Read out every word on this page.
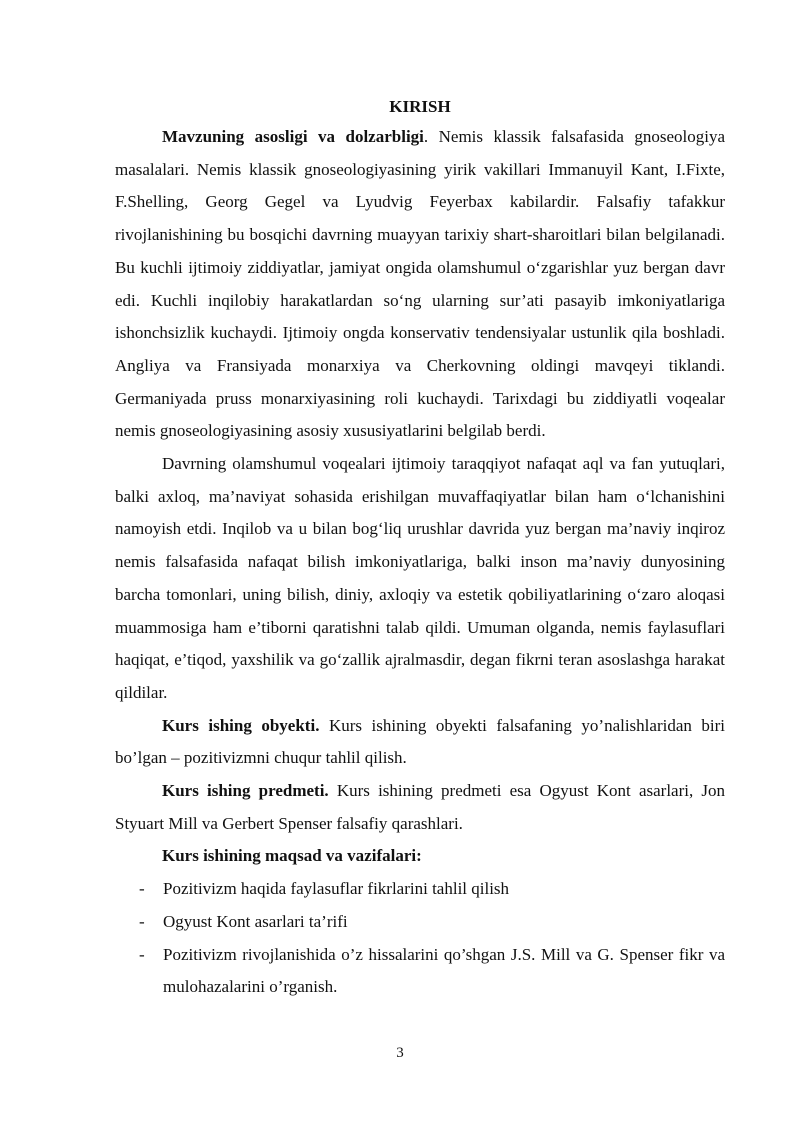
KIRISH

Mavzuning asosligi va dolzarbligi. Nemis klassik falsafasida gnoseologiya masalalari. Nemis klassik gnoseologiyasining yirik vakillari Immanuyil Kant, I.Fixte, F.Shelling, Georg Gegel va Lyudvig Feyerbax kabilardir. Falsafiy tafakkur rivojlanishining bu bosqichi davrning muayyan tarixiy shart-sharoitlari bilan belgilanadi. Bu kuchli ijtimoiy ziddiyatlar, jamiyat ongida olamshumul o‘zgarishlar yuz bergan davr edi. Kuchli inqilobiy harakatlardan so‘ng ularning sur’ati pasayib imkoniyatlariga ishonchsizlik kuchaydi. Ijtimoiy ongda konservativ tendensiyalar ustunlik qila boshladi. Angliya va Fransiyada monarxiya va Cherkovning oldingi mavqeyi tiklandi. Germaniyada pruss monarxiyasining roli kuchaydi. Tarixdagi bu ziddiyatli voqealar nemis gnoseologiyasining asosiy xususiyatlarini belgilab berdi.

Davrning olamshumul voqealari ijtimoiy taraqqiyot nafaqat aql va fan yutuqlari, balki axloq, ma’naviyat sohasida erishilgan muvaffaqiyatlar bilan ham o‘lchanishini namoyish etdi. Inqilob va u bilan bog‘liq urushlar davrida yuz bergan ma’naviy inqiroz nemis falsafasida nafaqat bilish imkoniyatlariga, balki inson ma’naviy dunyosining barcha tomonlari, uning bilish, diniy, axloqiy va estetik qobiliyatlarining o‘zaro aloqasi muammosiga ham e’tiborni qaratishni talab qildi. Umuman olganda, nemis faylasuflari haqiqat, e’tiqod, yaxshilik va go‘zallik ajralmasdir, degan fikrni teran asoslashga harakat qildilar.

Kurs ishing obyekti. Kurs ishining obyekti falsafaning yo’nalishlaridan biri bo’lgan – pozitivizmni chuqur tahlil qilish.

Kurs ishing predmeti. Kurs ishining predmeti esa Ogyust Kont asarlari, Jon Styuart Mill va Gerbert Spenser falsafiy qarashlari.

Kurs ishining maqsad va vazifalari:

- Pozitivizm haqida faylasuflar fikrlarini tahlil qilish
- Ogyust Kont asarlari ta’rifi
- Pozitivizm rivojlanishida o’z hissalarini qo’shgan J.S. Mill va G. Spenser fikr va mulohazalarini o’rganish.
3
